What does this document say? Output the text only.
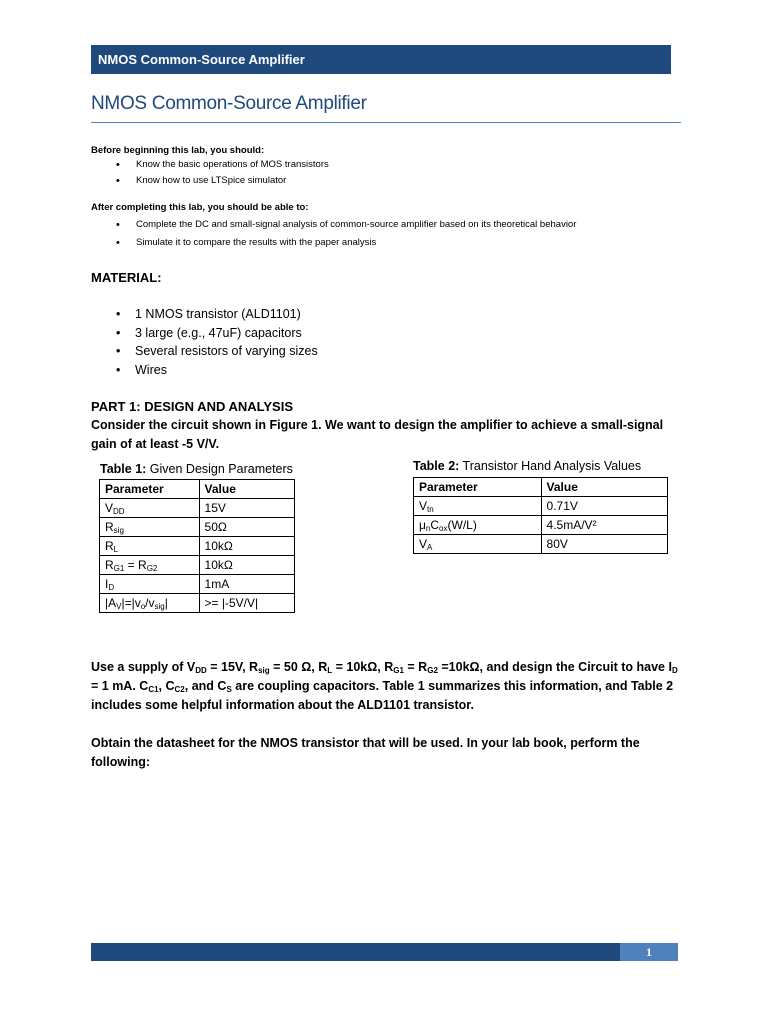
NMOS Common-Source Amplifier
NMOS Common-Source Amplifier
Before beginning this lab, you should:
• Know the basic operations of MOS transistors
• Know how to use LTSpice simulator
After completing this lab, you should be able to:
• Complete the DC and small-signal analysis of common-source amplifier based on its theoretical behavior
• Simulate it to compare the results with the paper analysis
MATERIAL:
• 1 NMOS transistor (ALD1101)
• 3 large (e.g., 47uF) capacitors
• Several resistors of varying sizes
• Wires
PART 1: DESIGN AND ANALYSIS

Consider the circuit shown in Figure 1. We want to design the amplifier to achieve a small-signal gain of at least -5 V/V.

Table 1: Given Design Parameters
Parameter	Value
$V_{DD}$	15V
$R_{sig}$	50Ω
$R_L$	10kΩ
$R_{G1} = R_{G2}$	10kΩ
$I_D$	1mA
$|A_V|=|v_o/v_{sig}|$	>= |-5V/V|
Table 2: Transistor Hand Analysis Values
Parameter	Value
$V_{tn}$	0.71V
$\mu_nC_{ox}(W/L)$	4.5mA/V²
$V_A$	80V

Use a supply of $V_{DD} = 15V$, $R_{sig} = 50$ Ω, $R_L = 10k\Omega$, $R_{G1} = R_{G2} =10k\Omega$, and design the Circuit to have $I_D = 1$ mA. $C_{C1}$, $C_{C2}$, and $C_S$ are coupling capacitors. Table 1 summarizes this information, and Table 2 includes some helpful information about the ALD1101 transistor.

Obtain the datasheet for the NMOS transistor that will be used. In your lab book, perform the following:

1
